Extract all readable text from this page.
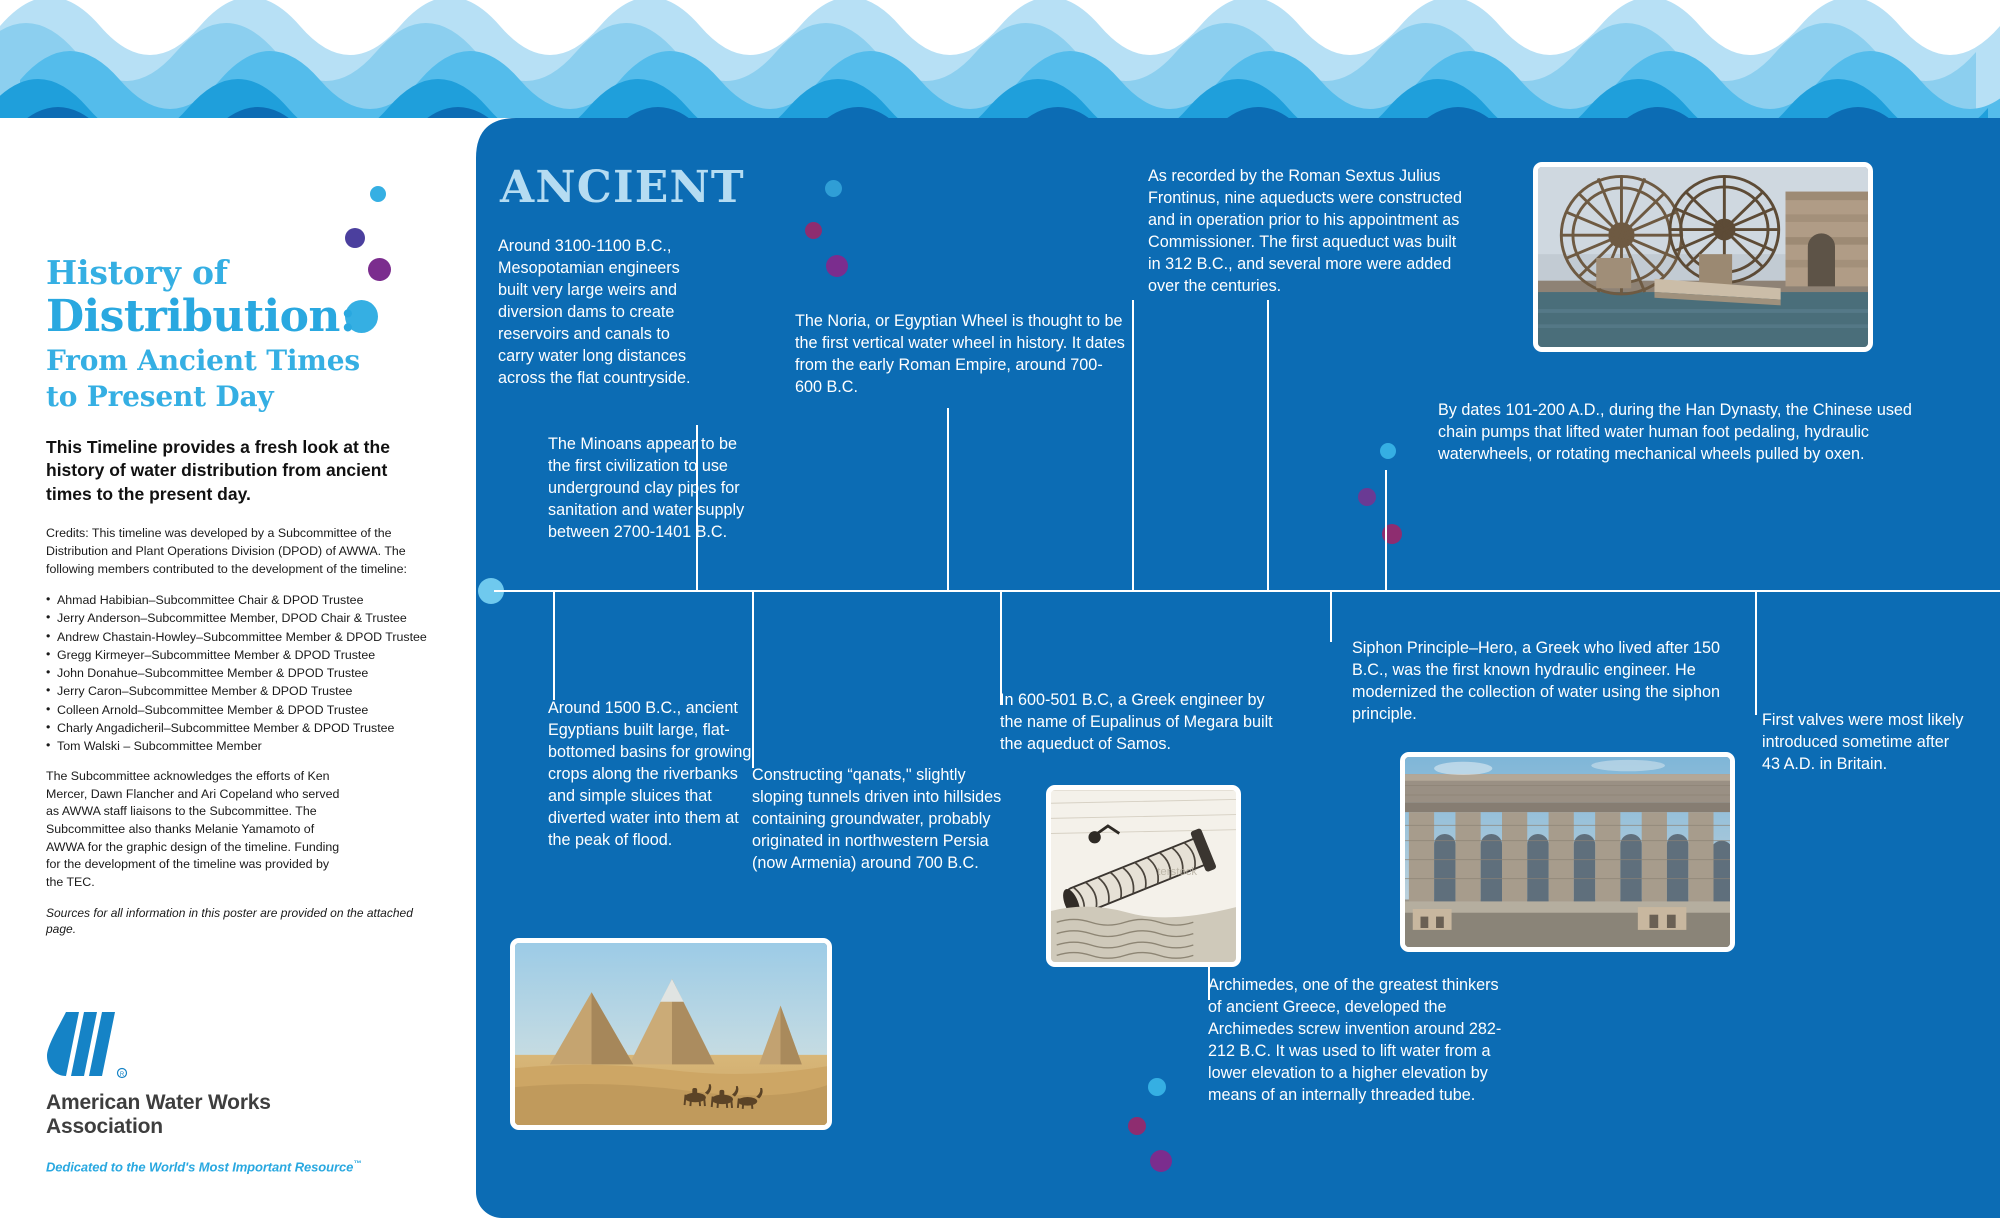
History of
Distribution:
From Ancient Times
to Present Day
This Timeline provides a fresh look at the history of water distribution from ancient times to the present day.
Credits: This timeline was developed by a Subcommittee of the Distribution and Plant Operations Division (DPOD) of AWWA. The following members contributed to the development of the timeline:
• Ahmad Habibian–Subcommittee Chair & DPOD Trustee
• Jerry Anderson–Subcommittee Member, DPOD Chair & Trustee
• Andrew Chastain-Howley–Subcommittee Member & DPOD Trustee
• Gregg Kirmeyer–Subcommittee Member & DPOD Trustee
• John Donahue–Subcommittee Member & DPOD Trustee
• Jerry Caron–Subcommittee Member & DPOD Trustee
• Colleen Arnold–Subcommittee Member & DPOD Trustee
• Charly Angadicheril–Subcommittee Member & DPOD Trustee
• Tom Walski – Subcommittee Member
The Subcommittee acknowledges the efforts of Ken Mercer, Dawn Flancher and Ari Copeland who served as AWWA staff liaisons to the Subcommittee. The Subcommittee also thanks Melanie Yamamoto of AWWA for the graphic design of the timeline. Funding for the development of the timeline was provided by the TEC.
Sources for all information in this poster are provided on the attached page.
R
American Water Works
Association
Dedicated to the World's Most Important Resource™
ANCIENT
Around 3100-1100 B.C., Mesopotamian engineers built very large weirs and diversion dams to create reservoirs and canals to carry water long distances across the flat countryside.
The Minoans appear to be the first civilization to use underground clay pipes for sanitation and water supply between 2700-1401 B.C.
The Noria, or Egyptian Wheel is thought to be the first vertical water wheel in history. It dates from the early Roman Empire, around 700-600 B.C.
As recorded by the Roman Sextus Julius Frontinus, nine aqueducts were constructed and in operation prior to his appointment as Commissioner. The first aqueduct was built in 312 B.C., and several more were added over the centuries.
By dates 101-200 A.D., during the Han Dynasty, the Chinese used chain pumps that lifted water human foot pedaling, hydraulic waterwheels, or rotating mechanical wheels pulled by oxen.
Around 1500 B.C., ancient Egyptians built large, flat-bottomed basins for growing crops along the riverbanks and simple sluices that diverted water into them at the peak of flood.
Constructing “qanats," slightly sloping tunnels driven into hillsides containing groundwater, probably originated in northwestern Persia (now Armenia) around 700 B.C.
In 600-501 B.C, a Greek engineer by the name of Eupalinus of Megara built the aqueduct of Samos.
Siphon Principle–Hero, a Greek who lived after 150 B.C., was the first known hydraulic engineer. He modernized the collection of water using the siphon principle.	First valves were most likely introduced sometime after 43 A.D. in Britain.
Archimedes, one of the greatest thinkers of ancient Greece, developed the Archimedes screw invention around 282-212 B.C. It was used to lift water from a lower elevation to a higher elevation by means of an internally threaded tube.
terstock
